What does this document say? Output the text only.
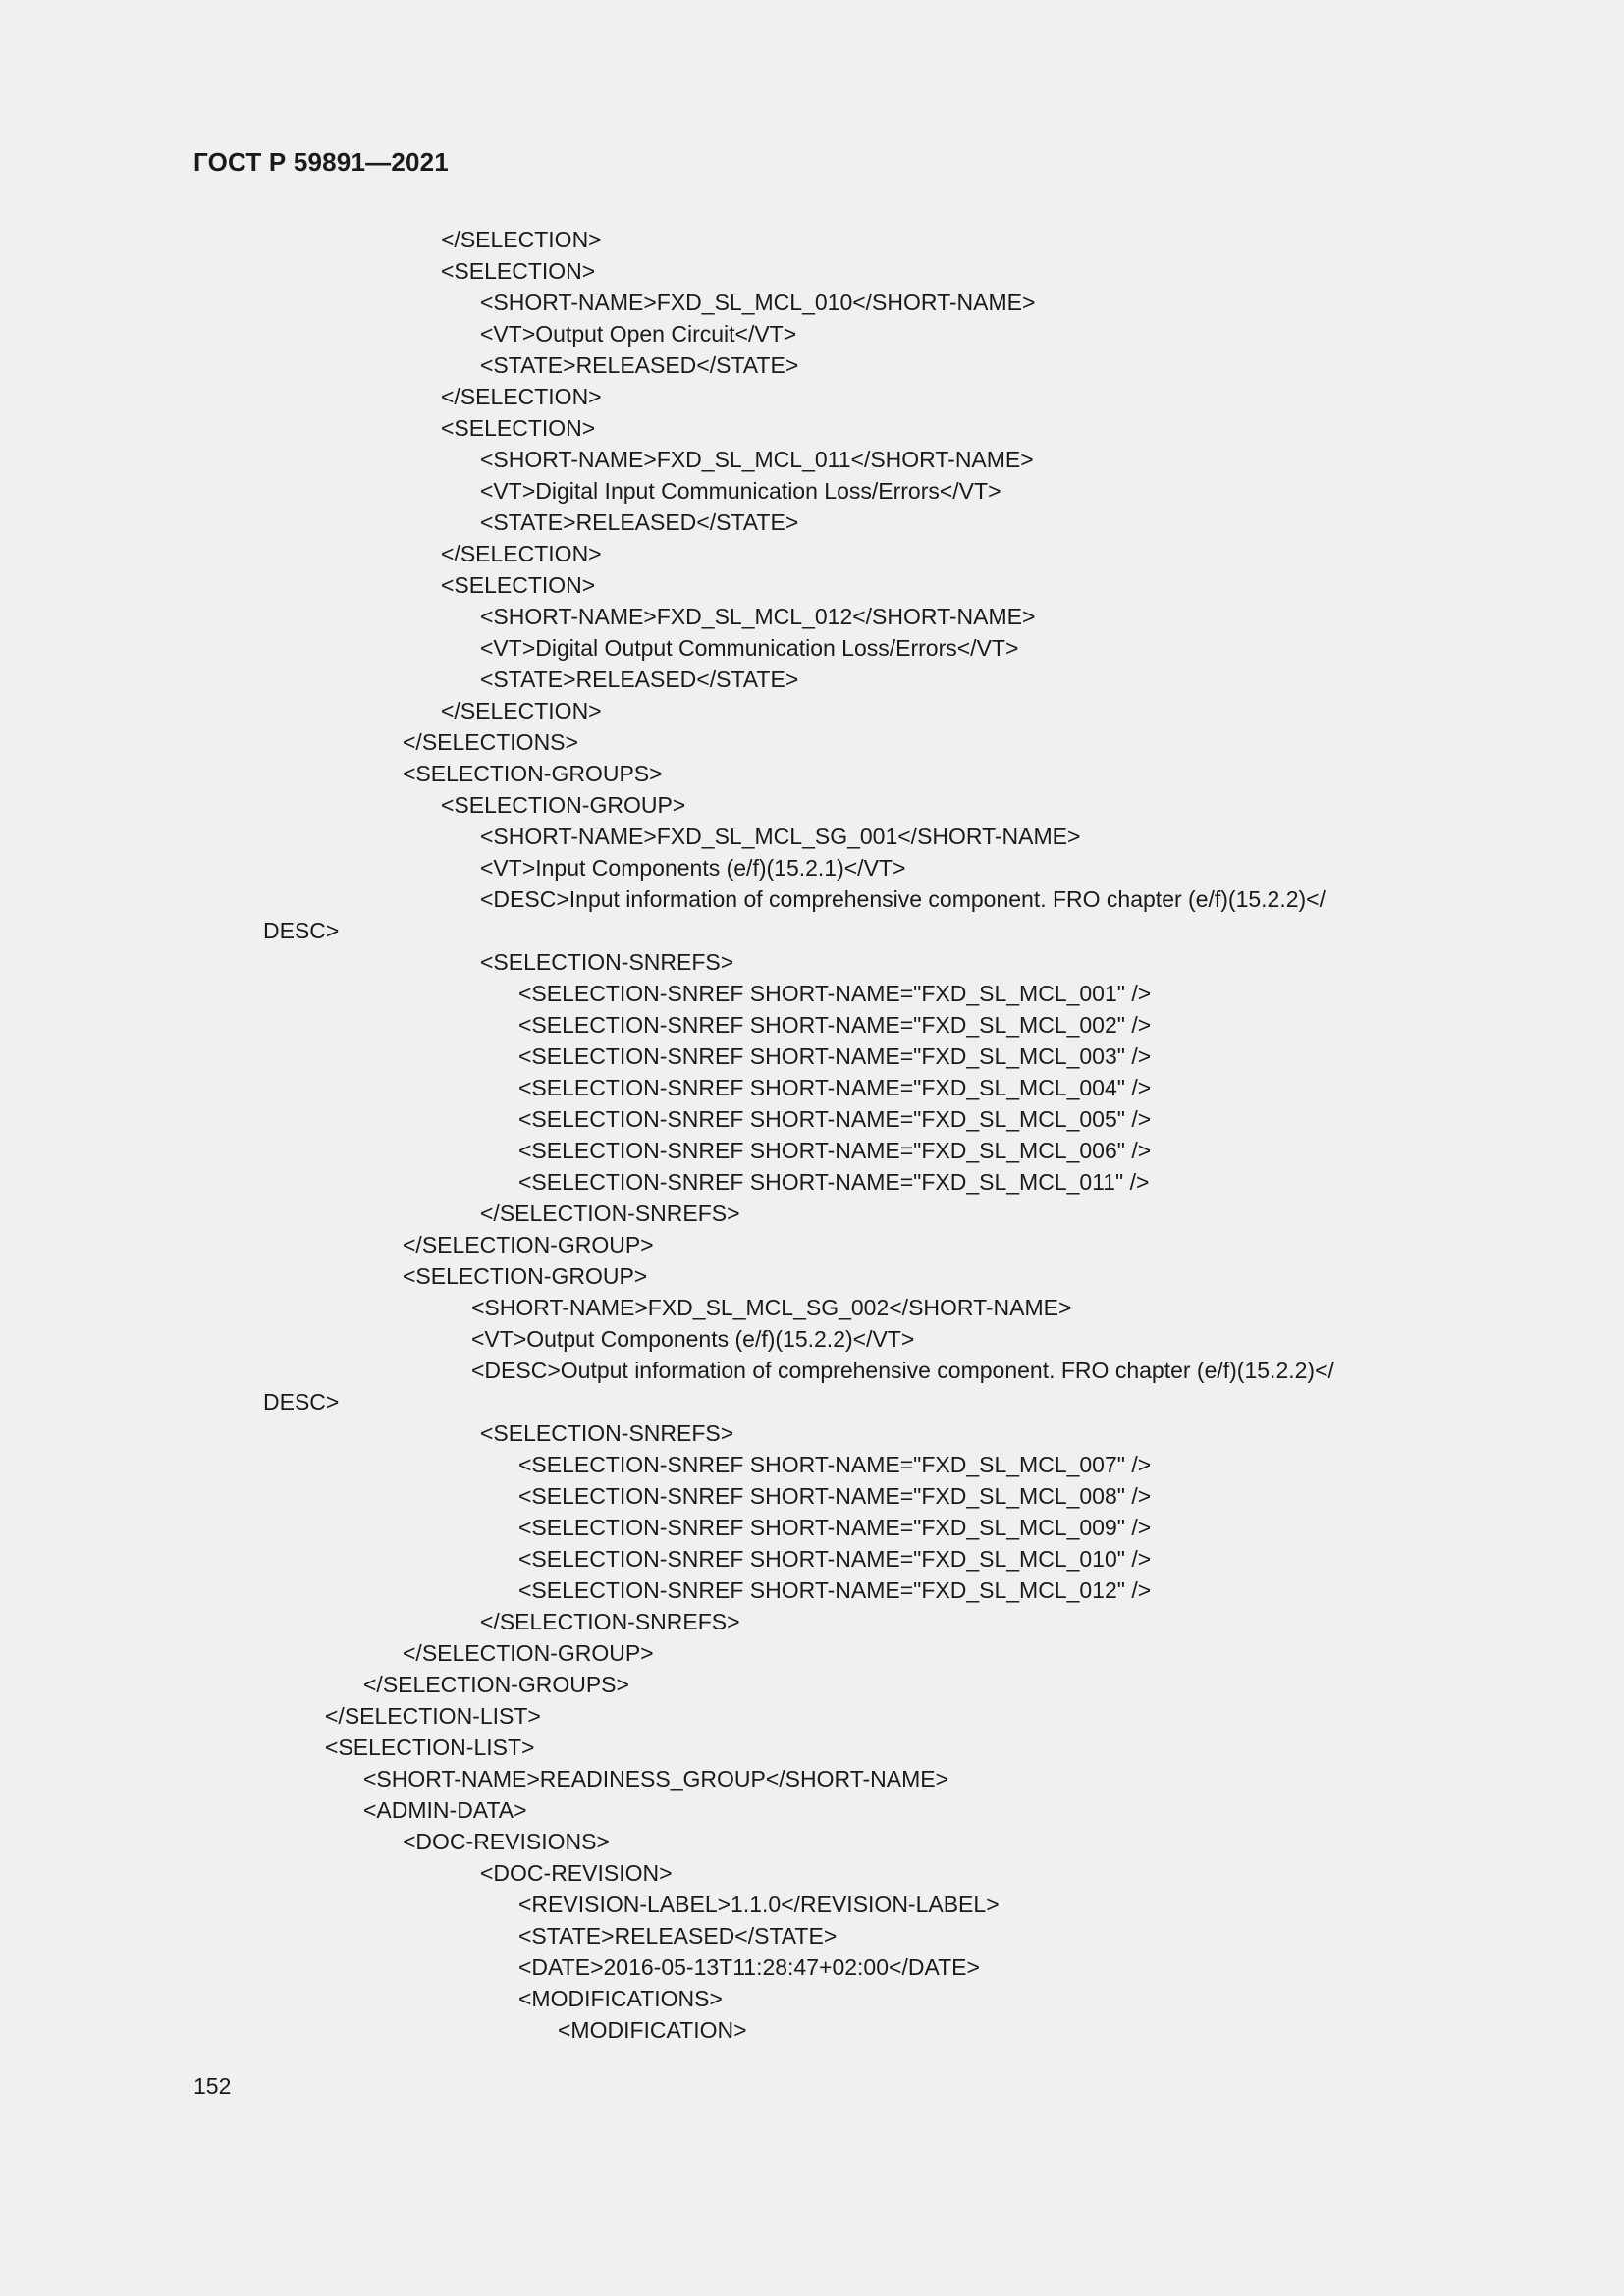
ГОСТ Р 59891—2021
</SELECTION>
<SELECTION>
<SHORT-NAME>FXD_SL_MCL_010</SHORT-NAME>
<VT>Output Open Circuit</VT>
<STATE>RELEASED</STATE>
</SELECTION>
<SELECTION>
<SHORT-NAME>FXD_SL_MCL_011</SHORT-NAME>
<VT>Digital Input Communication Loss/Errors</VT>
<STATE>RELEASED</STATE>
</SELECTION>
<SELECTION>
<SHORT-NAME>FXD_SL_MCL_012</SHORT-NAME>
<VT>Digital Output Communication Loss/Errors</VT>
<STATE>RELEASED</STATE>
</SELECTION>
</SELECTIONS>
<SELECTION-GROUPS>
<SELECTION-GROUP>
<SHORT-NAME>FXD_SL_MCL_SG_001</SHORT-NAME>
<VT>Input Components (e/f)(15.2.1)</VT>
<DESC>Input information of comprehensive component. FRO chapter (e/f)(15.2.2)</
DESC>
<SELECTION-SNREFS>
<SELECTION-SNREF SHORT-NAME="FXD_SL_MCL_001" />
<SELECTION-SNREF SHORT-NAME="FXD_SL_MCL_002" />
<SELECTION-SNREF SHORT-NAME="FXD_SL_MCL_003" />
<SELECTION-SNREF SHORT-NAME="FXD_SL_MCL_004" />
<SELECTION-SNREF SHORT-NAME="FXD_SL_MCL_005" />
<SELECTION-SNREF SHORT-NAME="FXD_SL_MCL_006" />
<SELECTION-SNREF SHORT-NAME="FXD_SL_MCL_011" />
</SELECTION-SNREFS>
</SELECTION-GROUP>
<SELECTION-GROUP>
<SHORT-NAME>FXD_SL_MCL_SG_002</SHORT-NAME>
<VT>Output Components (e/f)(15.2.2)</VT>
<DESC>Output information of comprehensive component. FRO chapter (e/f)(15.2.2)</
DESC>
<SELECTION-SNREFS>
<SELECTION-SNREF SHORT-NAME="FXD_SL_MCL_007" />
<SELECTION-SNREF SHORT-NAME="FXD_SL_MCL_008" />
<SELECTION-SNREF SHORT-NAME="FXD_SL_MCL_009" />
<SELECTION-SNREF SHORT-NAME="FXD_SL_MCL_010" />
<SELECTION-SNREF SHORT-NAME="FXD_SL_MCL_012" />
</SELECTION-SNREFS>
</SELECTION-GROUP>
</SELECTION-GROUPS>
</SELECTION-LIST>
<SELECTION-LIST>
<SHORT-NAME>READINESS_GROUP</SHORT-NAME>
<ADMIN-DATA>
<DOC-REVISIONS>
<DOC-REVISION>
<REVISION-LABEL>1.1.0</REVISION-LABEL>
<STATE>RELEASED</STATE>
<DATE>2016-05-13T11:28:47+02:00</DATE>
<MODIFICATIONS>
<MODIFICATION>
152
